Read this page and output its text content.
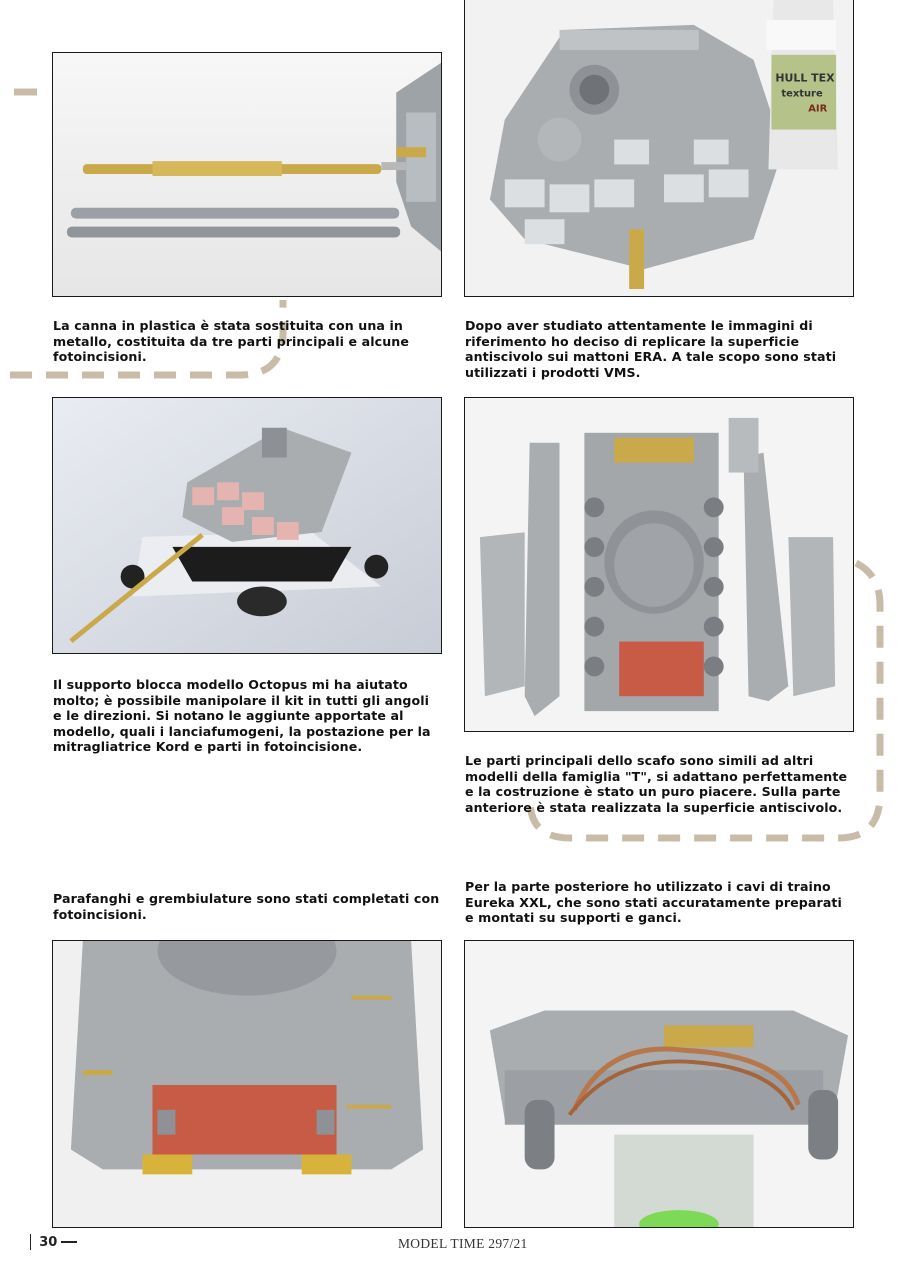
HULL TEX
texture
AIR
La canna in plastica è stata sostituita con una in metallo, costituita da tre parti principali e alcune fotoincisioni.
Dopo aver studiato attentamente le immagini di riferimento ho deciso di replicare la superficie antiscivolo sui mattoni ERA. A tale scopo sono stati utilizzati i prodotti VMS.
Il supporto blocca modello Octopus mi ha aiutato molto; è possibile manipolare il kit in tutti gli angoli e le direzioni. Si notano le aggiunte apportate al modello, quali i lanciafumogeni, la postazione per la mitragliatrice Kord e parti in fotoincisione.
Le parti principali dello scafo sono simili ad altri modelli della famiglia "T", si adattano perfettamente e la costruzione è stato un puro piacere. Sulla parte anteriore è stata realizzata la superficie antiscivolo.
Parafanghi e grembiulature sono stati completati con fotoincisioni.
Per la parte posteriore ho utilizzato i cavi di traino Eureka XXL, che sono stati accuratamente preparati e montati su supporti e ganci.
30	MODEL TIME 297/21
